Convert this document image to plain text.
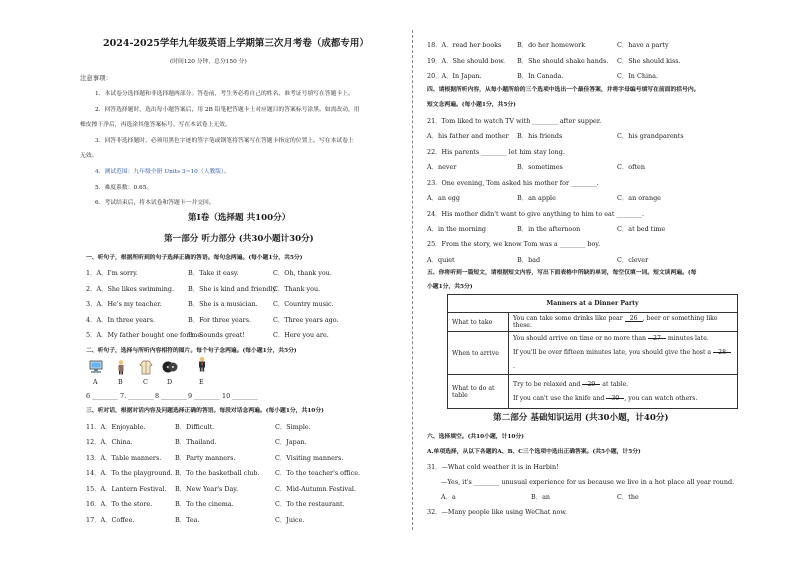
2024-2025学年九年级英语上学期第三次月考卷（成都专用）
(时间120 分钟，总分150 分)
注意事项：
1．本试卷分选择题和非选择题两部分。答卷前，考生务必将自己的姓名、准考证号填写在答题卡上。
2．回答选择题时，选出每小题答案后，用 2B 铅笔把答题卡上对应题目的答案标号涂黑。如需改动，用
橡皮擦干净后，再选涂其他答案标号。写在本试卷上无效。
3．回答非选择题时，必须用黑色字迹的签字笔或钢笔将答案写在答题卡指定的位置上。写在本试卷上
无效。
4．测试范围：九年级全册 Units 3~10（人教版）。
5．难度系数：0.65。
6．考试结束后，将本试卷和答题卡一并交回。
第Ⅰ卷（选择题 共100分）
第一部分 听力部分 (共30小题计30分)
一、听句子，根据所听到的句子选择正确的答语。每句念两遍。(每小题1分，共5分)
1．A．I'm sorry.	B．Take it easy.	C．Oh, thank you.
2．A．She likes swimming. B．She is kind and friendly.
C．Thank you.
3．A．He's my teacher.	B．She is a musician. C．Country music.
4．A．In three years.	B．For three years.	C．Three years ago.
5．A．My father bought one for me.
B．Sounds great!	C．Here you are.
二、听句子，选择与所听内容相符的图片。每个句子念两遍。(每小题1分，共5分)
A	B	C	D	E
6 ________ 7. ________ 8 ________ 9 ________ 10 ________
三、听对话，根据对话内容及问题选择正确的答语。每段对话念两遍。(每小题1分，共10分)
11．A．Enjoyable.	B．Difficult.	C．Simple.
12．A．China.	B．Thailand.	C．Japan.
13．A．Table manners. B．Party manners.	C．Visiting manners.
14．A．To the playground. B．To the basketball club. C．To the teacher's office.
15．A．Lantern Festival. B．New Year's Day.	C．Mid-Autumn Festival.
16．A．To the store.	B．To the cinema.	C．To the restaurant.
17．A．Coffee.	B．Tea.	C．Juice.
18．A．read her books B．do her homework	C．have a party
19．A．She should bow. B．She should shake hands. C．She should kiss.
20．A．In Japan.	B．In Canada.	C．In China.
四、请根据所听内容，从每小题所给的三个选项中选出一个最佳答案，并将字母编号填写在前面的括号内。
短文念两遍。(每小题1分，共5分)
21．Tom liked to watch TV with ________ after supper.
A．his father and mother B．his friends	C．his grandparents
22．His parents ________ let him stay long.
A．never	B．sometimes	C．often
23．One evening, Tom asked his mother for ________.
A．an egg	B．an apple	C．an orange
24．His mother didn't want to give anything to him to eat ________.
A．in the morning	B．in the afternoon	C．at bed time
25．From the story, we know Tom was a ________ boy.
A．quiet	B．bad	C．clever
五、你将听到一篇短文，请根据短文内容，写出下面表格中所缺的单词，每空仅填一词。短文读两遍。(每
小题1分，共5分)
Manners at a Dinner Party	
What to take	You can take some drinks like pear 26 , beer or something like these.
When to arrive	You should arrive on time or no more than 27 minutes late.
If you'll be over fifteen minutes late, you should give the host a 28.

What to do at table	Try to be relaxed and 29 at table.
If you can't use the knife and 30 , you can watch others.
第二部分 基础知识运用 (共30小题，计40分)
六、选择填空。(共10小题，计10分)
A.单项选择，从以下各题的A、B、C三个选项中选出正确答案。(共5小题，计5分)
31．—What cold weather it is in Harbin!
—Yes, it's ________ unusual experience for us because we live in a hot place all year round.
A．a	B．an	C．the
32．—Many people like using WeChat now.
